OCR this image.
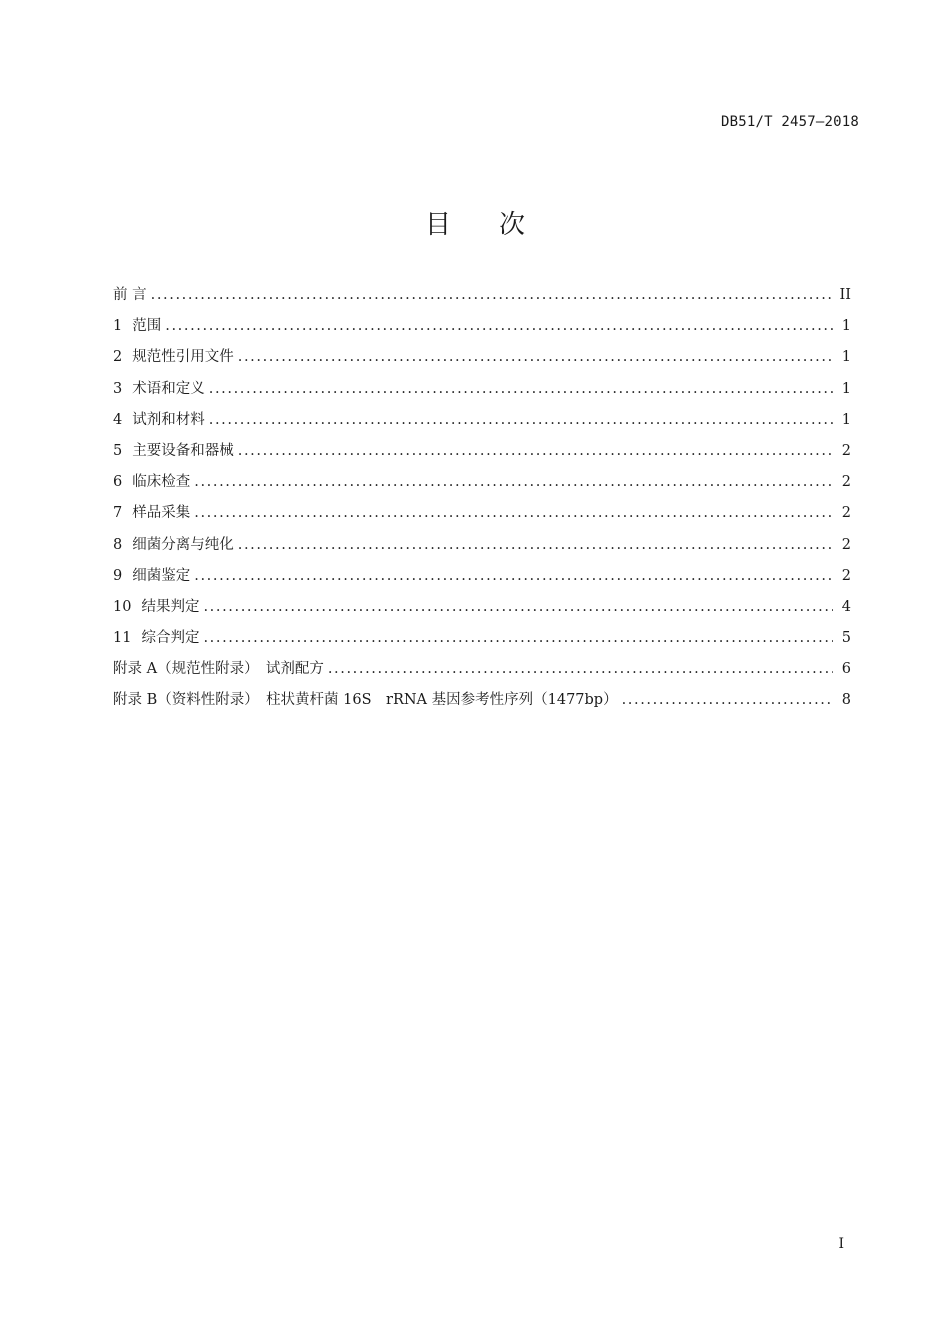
DB51/T 2457—2018
目次
前 言 .....	II
1 范围 .....	1
2 规范性引用文件 .....	1
3 术语和定义 .....	1
4 试剂和材料 .....	1
5 主要设备和器械 .....	2
6 临床检查 .....	2
7 样品采集 .....	2
8 细菌分离与纯化 .....	2
9 细菌鉴定 .....	2
10 结果判定 .....	4
11 综合判定 .....	5
附录 A（规范性附录）　试剂配方 .....	6
附录 B（资料性附录）　柱状黄杆菌 16S　rRNA 基因参考性序列（1477bp） .....	8
I
